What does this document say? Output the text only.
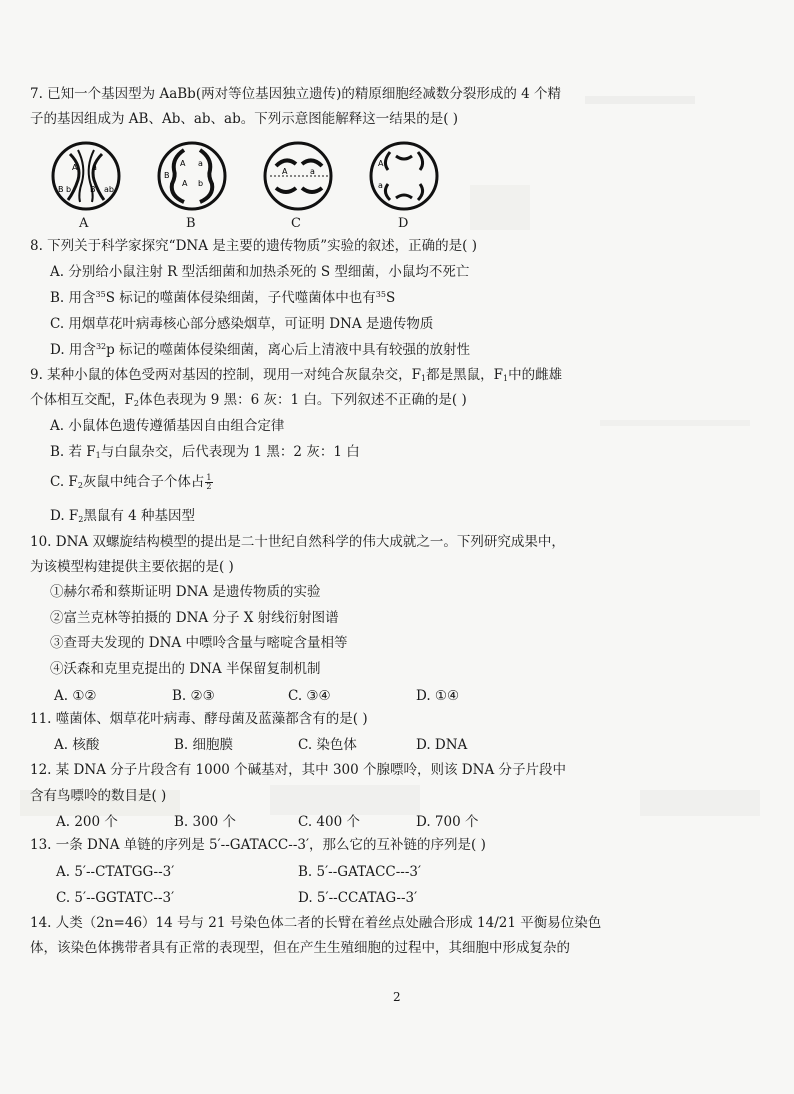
7. 已知一个基因型为 AaBb(两对等位基因独立遗传)的精原细胞经减数分裂形成的 4 个精
子的基因组成为 AB、Ab、ab、ab。下列示意图能解释这一结果的是( )
A a
B b B ab
A
A
a
b
B	A	a
A
a
A	B	C	D
8. 下列关于科学家探究“DNA 是主要的遗传物质”实验的叙述，正确的是( )
A. 分别给小鼠注射 R 型活细菌和加热杀死的 S 型细菌，小鼠均不死亡
B. 用含$^{35}$S 标记的噬菌体侵染细菌，子代噬菌体中也有$^{35}$S
C. 用烟草花叶病毒核心部分感染烟草，可证明 DNA 是遗传物质
D. 用含$^{32}$p 标记的噬菌体侵染细菌，离心后上清液中具有较强的放射性
9. 某种小鼠的体色受两对基因的控制，现用一对纯合灰鼠杂交，$F_1$都是黑鼠，$F_1$中的雌雄
个体相互交配，$F_2$体色表现为 9 黑：6 灰：1 白。下列叙述不正确的是( )
A. 小鼠体色遗传遵循基因自由组合定律
B. 若 $F_1$与白鼠杂交，后代表现为 1 黑：2 灰：1 白
C. $F_2$灰鼠中纯合子个体占 $\frac{1}{2}$
D. $F_2$黑鼠有 4 种基因型
10. DNA 双螺旋结构模型的提出是二十世纪自然科学的伟大成就之一。下列研究成果中，
为该模型构建提供主要依据的是( )
①赫尔希和蔡斯证明 DNA 是遗传物质的实验
②富兰克林等拍摄的 DNA 分子 X 射线衍射图谱
③查哥夫发现的 DNA 中嘌呤含量与嘧啶含量相等
④沃森和克里克提出的 DNA 半保留复制机制
A. ①②	B. ②③	C. ③④	D. ①④
11. 噬菌体、烟草花叶病毒、酵母菌及蓝藻都含有的是( )
A. 核酸	B. 细胞膜	C. 染色体	D. DNA
12. 某 DNA 分子片段含有 1000 个碱基对，其中 300 个腺嘌呤，则该 DNA 分子片段中
含有鸟嘌呤的数目是( )
A. 200 个	B. 300 个	C. 400 个	D. 700 个
13. 一条 DNA 单链的序列是 5′--GATACC--3′，那么它的互补链的序列是( )
A. 5′--CTATGG--3′	B. 5′--GATACC---3′
C. 5′--GGTATC--3′	D. 5′--CCATAG--3′
14. 人类（2n=46）14 号与 21 号染色体二者的长臂在着丝点处融合形成 14/21 平衡易位染色
体，该染色体携带者具有正常的表现型，但在产生生殖细胞的过程中，其细胞中形成复杂的
2
